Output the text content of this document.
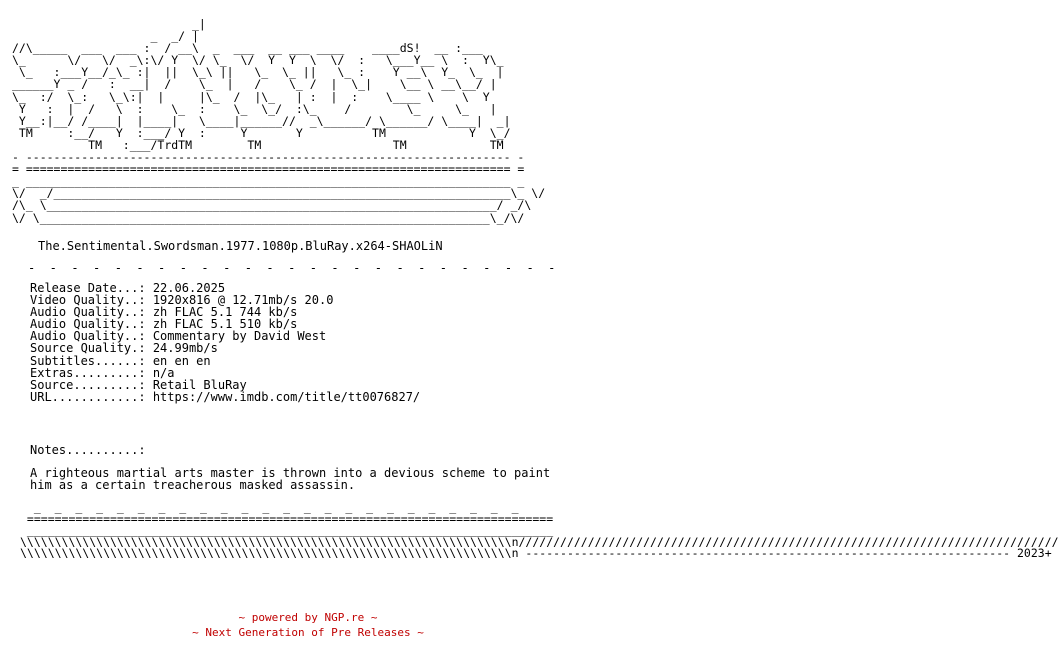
_|
_  _/ |
//\_____  ___  ___ :  / __\  _  ___  __ ___ ____    ____dS!  __ :___
\_      \/   \/  _\:\/ Y  \/ \_  \/  Y  Y  \  \/  :   \___Y__ \  :  Y\_
\_   :___Y__/_\_ :|  ||  \_\ ||   \_  \_ ||   \_ :    Y __\  Y_  \_  |
______Y _ /   :  __|  /    \_  |   /    \_ /  |  \_|    \__ \ __\__/ |
\_  :/  \_:   \_\:|  |     |\_  /  |\_   | :  |  :    \____ \    \  Y
Y   :  |  /   \  :    \_  :    \_  \_/  :\_    /        \_     \_   |
Y__:|__/ /____|  |____|   \____|______//  _\______/ \______/ \____|  _|
TM     :__/   Y  :___/ Y  :     Y       Y          TM            Y  \_/
TM   :___/TrdTM        TM                   TM            TM
- ---------------------------------------------------------------------- -
= ====================================================================== =
_ ______________________________________________________________________ _
\/  _/__________________________________________________________________\_ \/
/\_ \_________________________________________________________________/ _/\
\/ \_________________________________________________________________\_/\/
The.Sentimental.Swordsman.1977.1080p.BluRay.x264-SHAOLiN
-  -  -  -  -  -  -  -  -  -  -  -  -  -  -  -  -  -  -  -  -  -  -  -  -
Release Date...: 22.06.2025
Video Quality..: 1920x816 @ 12.71mb/s 20.0
Audio Quality..: zh FLAC 5.1 744 kb/s
Audio Quality..: zh FLAC 5.1 510 kb/s
Audio Quality..: Commentary by David West
Source Quality.: 24.99mb/s
Subtitles......: en en en
Extras.........: n/a
Source.........: Retail BluRay
URL............: https://www.imdb.com/title/tt0076827/
Notes..........:
A righteous martial arts master is thrown into a devious scheme to paint
him as a certain treacherous masked assassin.
_  _  _  _  _  _  _  _  _  _  _  _  _  _  _  _  _  _  _  _  _  _  _  _
============================================================================
____________________________________________________________________________
\\\\\\\\\\\\\\\\\\\\\\\\\\\\\\\\\\\\\\\\\\\\\\\\\\\\\\\\\\\\\\\\\\\\\\\n//////////////////////////////////////////////////////////////////////////////
\\\\\\\\\\\\\\\\\\\\\\\\\\\\\\\\\\\\\\\\\\\\\\\\\\\\\\\\\\\\\\\\\\\\\\\n ---------------------------------------------------------------------- 2023+
~ powered by NGP.re ~
~ Next Generation of Pre Releases ~
